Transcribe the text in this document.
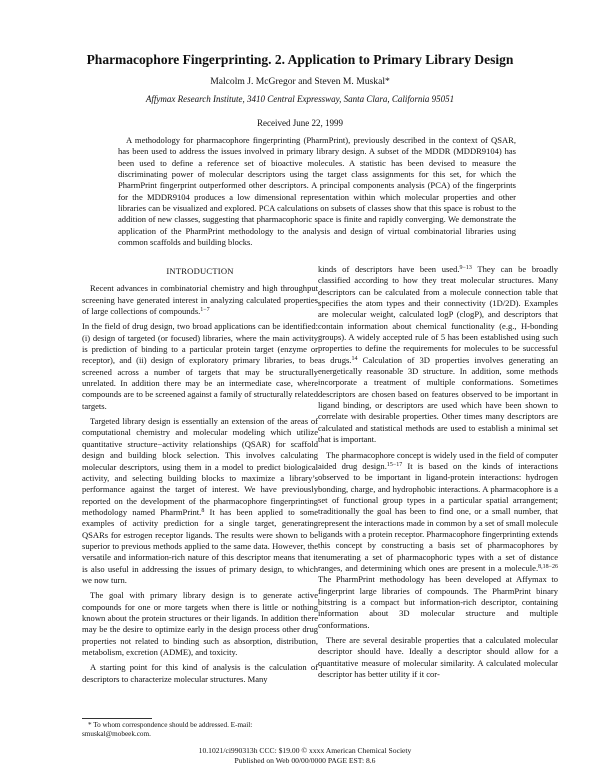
Pharmacophore Fingerprinting. 2. Application to Primary Library Design
Malcolm J. McGregor and Steven M. Muskal*
Affymax Research Institute, 3410 Central Expressway, Santa Clara, California 95051
Received June 22, 1999

A methodology for pharmacophore fingerprinting (PharmPrint), previously described in the context of QSAR, has been used to address the issues involved in primary library design. A subset of the MDDR (MDDR9104) has been used to define a reference set of bioactive molecules. A statistic has been devised to measure the discriminating power of molecular descriptors using the target class assignments for this set, for which the PharmPrint fingerprint outperformed other descriptors. A principal components analysis (PCA) of the fingerprints for the MDDR9104 produces a low dimensional representation within which molecular properties and other libraries can be visualized and explored. PCA calculations on subsets of classes show that this space is robust to the addition of new classes, suggesting that pharmacophoric space is finite and rapidly converging. We demonstrate the application of the PharmPrint methodology to the analysis and design of virtual combinatorial libraries using common scaffolds and building blocks.

INTRODUCTION

Recent advances in combinatorial chemistry and high throughput screening have generated interest in analyzing calculated properties of large collections of compounds.$^{1-7}$

In the field of drug design, two broad applications can be identified: (i) design of targeted (or focused) libraries, where the main activity is prediction of binding to a particular protein target (enzyme or receptor), and (ii) design of exploratory primary libraries, to be screened across a number of targets that may be structurally unrelated. In addition there may be an intermediate case, where compounds are to be screened against a family of structurally related targets.

Targeted library design is essentially an extension of the areas of computational chemistry and molecular modeling which utilize quantitative structure−activity relationships (QSAR) for scaffold design and building block selection. This involves calculating molecular descriptors, using them in a model to predict biological activity, and selecting building blocks to maximize a library’s performance against the target of interest. We have previously reported on the development of the pharmacophore fingerprinting methodology named PharmPrint.$^8$ It has been applied to some examples of activity prediction for a single target, generating QSARs for estrogen receptor ligands. The results were shown to be superior to previous methods applied to the same data. However, the versatile and information-rich nature of this descriptor means that it is also useful in addressing the issues of primary design, to which we now turn.

The goal with primary library design is to generate active compounds for one or more targets when there is little or nothing known about the protein structures or their ligands. In addition there may be the desire to optimize early in the design process other drug properties not related to binding such as absorption, distribution, metabolism, excretion (ADME), and toxicity.

A starting point for this kind of analysis is the calculation of descriptors to characterize molecular structures. Many

kinds of descriptors have been used.$^{9-13}$ They can be broadly classified according to how they treat molecular structures. Many descriptors can be calculated from a molecule connection table that specifies the atom types and their connectivity (1D/2D). Examples are molecular weight, calculated logP (clogP), and descriptors that contain information about chemical functionality (e.g., H-bonding groups). A widely accepted rule of 5 has been established using such properties to define the requirements for molecules to be successful as drugs.$^{14}$ Calculation of 3D properties involves generating an energetically reasonable 3D structure. In addition, some methods incorporate a treatment of multiple conformations. Sometimes descriptors are chosen based on features observed to be important in ligand binding, or descriptors are used which have been shown to correlate with desirable properties. Other times many descriptors are calculated and statistical methods are used to establish a minimal set that is important.

The pharmacophore concept is widely used in the field of computer aided drug design.$^{15-17}$ It is based on the kinds of interactions observed to be important in ligand-protein interactions: hydrogen bonding, charge, and hydrophobic interactions. A pharmacophore is a set of functional group types in a particular spatial arrangement; traditionally the goal has been to find one, or a small number, that represent the interactions made in common by a set of small molecule ligands with a protein receptor. Pharmacophore fingerprinting extends this concept by constructing a basis set of pharmacophores by enumerating a set of pharmacophoric types with a set of distance ranges, and determining which ones are present in a molecule.$^{8,18-26}$ The PharmPrint methodology has been developed at Affymax to fingerprint large libraries of compounds. The PharmPrint binary bitstring is a compact but information-rich descriptor, containing information about 3D molecular structure and multiple conformations.

There are several desirable properties that a calculated molecular descriptor should have. Ideally a descriptor should allow for a quantitative measure of molecular similarity. A calculated molecular descriptor has better utility if it cor-

* To whom correspondence should be addressed. E-mail: smuskal@mobeek.com.
10.1021/ci990313h CCC: $19.00 © xxxx American Chemical Society
Published on Web 00/00/0000 PAGE EST: 8.6
